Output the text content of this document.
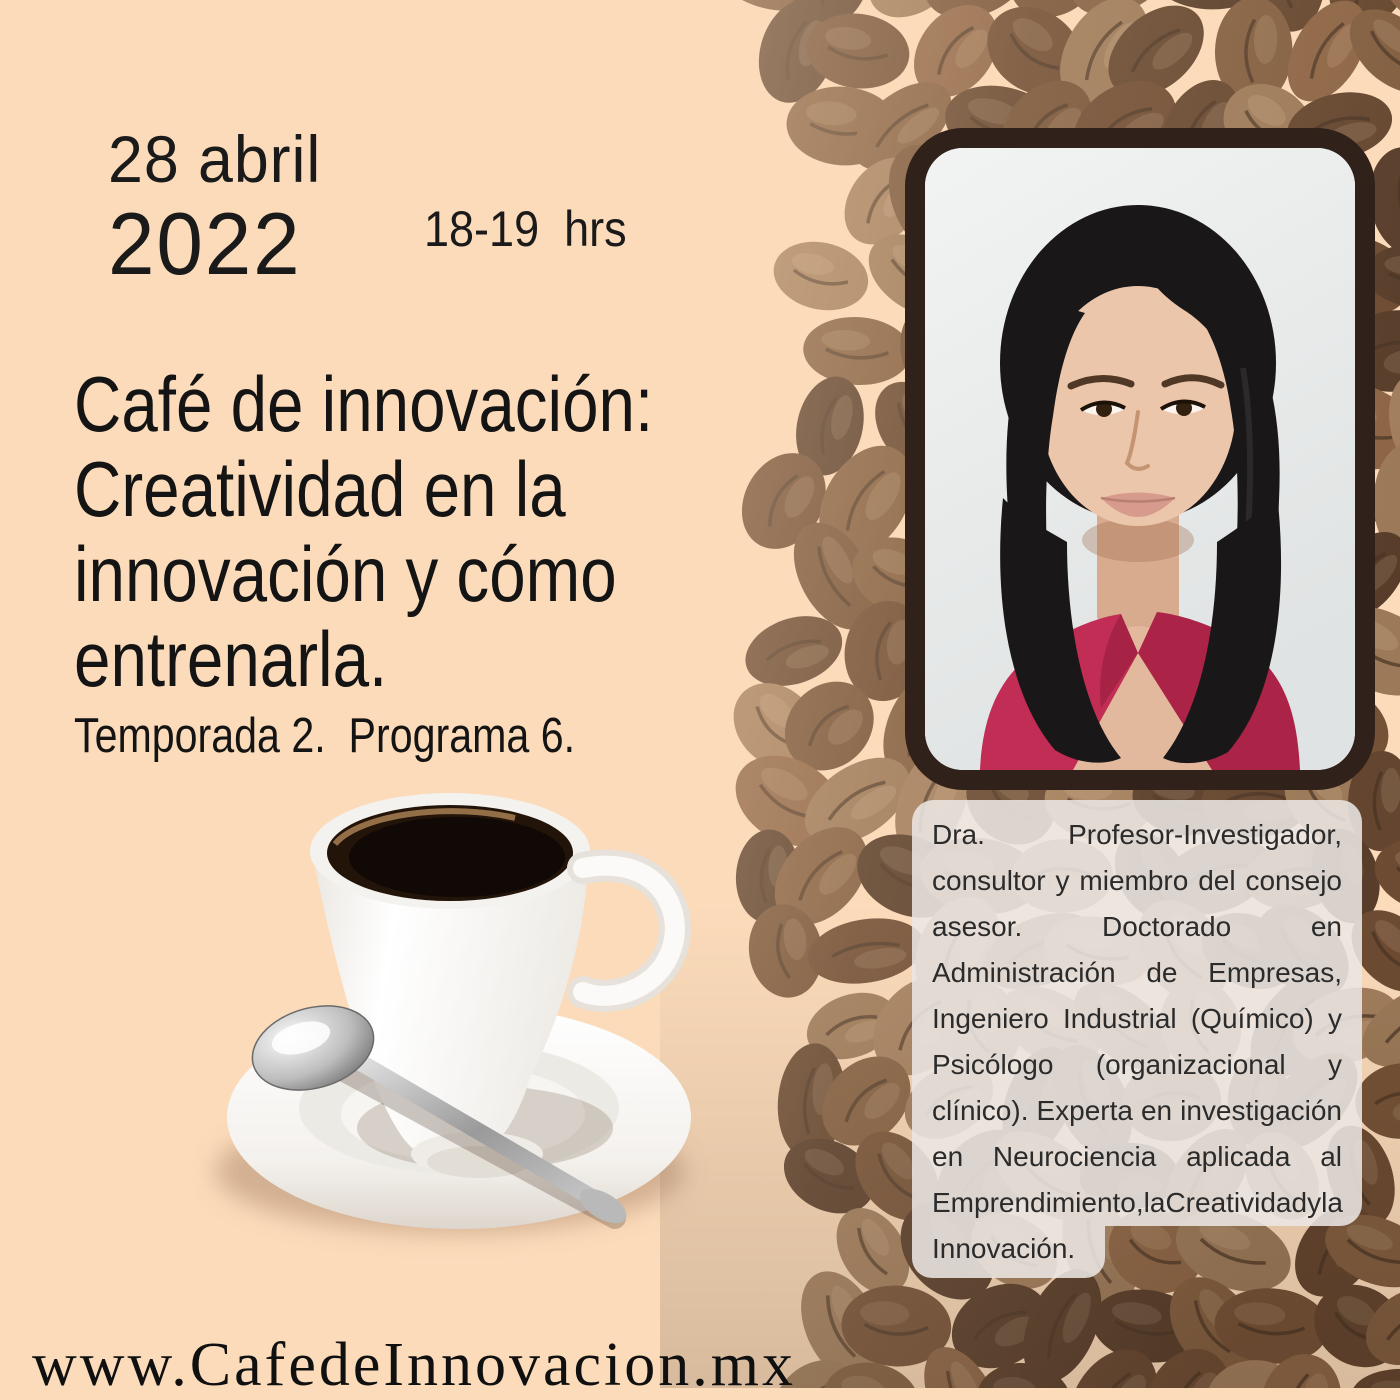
28 abril
2022	18-19  hrs
Café de innovación:
Creatividad en la
innovación y cómo
entrenarla.
Temporada 2.  Programa 6.
Dra.	Profesor-Investigador,
consultor y miembro del consejo
asesor.	Doctorado	en
Administración de Empresas,
Ingeniero Industrial (Químico) y
Psicólogo (organizacional y
clínico). Experta en investigación
en Neurociencia aplicada al
Emprendimiento, la Creatividad y la
Innovación.
www.CafedeInnovacion.mx
